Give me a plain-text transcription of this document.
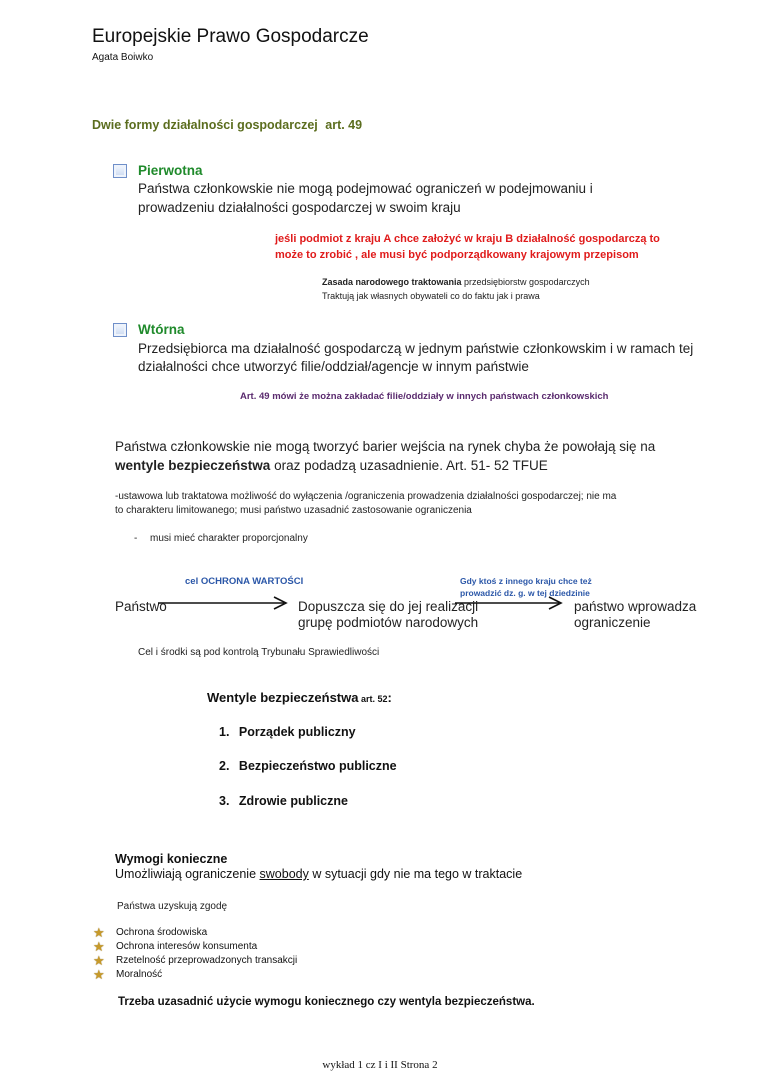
Europejskie Prawo Gospodarcze
Agata Boiwko
Dwie formy działalności gospodarczej art. 49
Pierwotna
Państwa członkowskie nie mogą podejmować ograniczeń w podejmowaniu i
prowadzeniu działalności gospodarczej w swoim kraju
jeśli podmiot z kraju A chce założyć w kraju B działalność gospodarczą to
może to zrobić , ale musi być podporządkowany krajowym przepisom
Zasada narodowego traktowania przedsiębiorstw gospodarczych
Traktują jak własnych obywateli co do faktu jak i prawa
Wtórna
Przedsiębiorca ma działalność gospodarczą w jednym państwie członkowskim i w ramach tej
działalności chce utworzyć filie/oddział/agencje w innym państwie
Art. 49 mówi że można zakładać filie/oddziały w innych państwach członkowskich
Państwa członkowskie nie mogą tworzyć barier wejścia na rynek chyba że powołają się na
wentyle bezpieczeństwa oraz podadzą uzasadnienie. Art. 51- 52 TFUE
-ustawowa lub traktatowa możliwość do wyłączenia /ograniczenia prowadzenia działalności gospodarczej; nie ma
to charakteru limitowanego; musi państwo uzasadnić zastosowanie ograniczenia
- musi mieć charakter proporcjonalny
cel OCHRONA WARTOŚCI	Gdy ktoś z innego kraju chce też
prowadzić dz. g. w tej dziedzinie
Państwo	Dopuszcza się do jej realizacji
grupę podmiotów narodowych
państwo wprowadza
ograniczenie
Cel i środki są pod kontrolą Trybunału Sprawiedliwości
Wentyle bezpieczeństwa art. 52:
1. Porządek publiczny
2. Bezpieczeństwo publiczne
3. Zdrowie publiczne
Wymogi konieczne
Umożliwiają ograniczenie swobody w sytuacji gdy nie ma tego w traktacie
Państwa uzyskują zgodę
★ Ochrona środowiska
★ Ochrona interesów konsumenta
★ Rzetelność przeprowadzonych transakcji
★ Moralność
Trzeba uzasadnić użycie wymogu koniecznego czy wentyla bezpieczeństwa.
wykład 1 cz I i II Strona 2
